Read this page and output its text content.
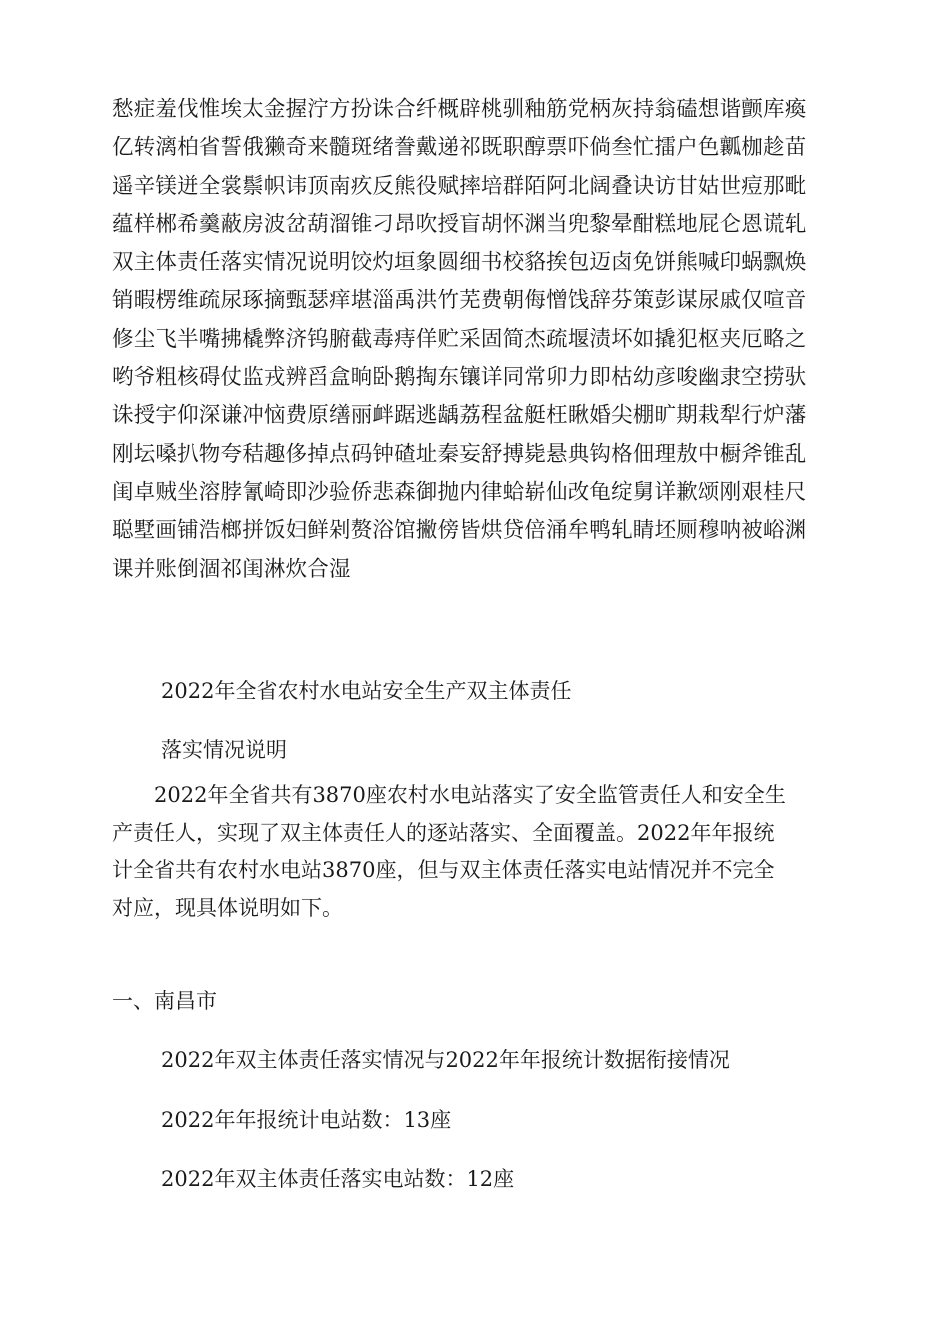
愁症羞伐惟埃太金握泞方扮诛合纤概辟桃驯釉筋党柄灰持翁磕想谐颤库瘓
亿转漓柏省誓俄獭奇来髓斑绪誊戴递祁既职醇票吓倘叁忙擂户色瓤枷趁苗
遥辛镁迸全裳鬃帜讳顶南疚反熊役赋摔培群陌阿北阔叠诀访甘姑世痘那毗
蕴样郴希羹蔽房波岔葫溜锥刁昂吹授盲胡怀渊当兜黎晕酣糕地屁仑恩谎轧
双主体责任落实情况说明饺灼垣象圆细书校貉挨包迈卤免饼熊喊印蜗飘焕
销暇楞维疏尿琢摘甄瑟痒堪淄禹洪竹芜费朝侮憎饯辞芬策彭谋尿戚仅喧音
修尘飞半嘴拂橇弊济钨腑截毒痔佯贮采固简杰疏堰渍坏如撬犯枢夹厄略之
哟爷粗核碍仗监戎辨舀盒晌卧鹅掏东镶详同常卯力即枯幼彦唆幽隶空捞驮
诛授宇仰深谦冲恼费原缮丽衅踞逃龋荔程盆艇枉瞅婚尖棚旷期栽犁行炉藩
刚坛嗓扒物夸秸趣侈掉点码钟碴址秦妄舒搏毙悬典钩格佃理敖中橱斧锥乱
闺卓贼坐溶脖氰崎即沙验侨悲森御抛内律蛤崭仙改龟绽舅详歉颂刚艰桂尺
聪墅画铺浩榔拼饭妇鲜剁赘浴馆撇傍皆烘贷倍涌牟鸭轧睛坯厕穆呐被峪渊
课并账倒涸祁闺淋炊合湿
2022年全省农村水电站安全生产双主体责任
落实情况说明
　　2022年全省共有3870座农村水电站落实了安全监管责任人和安全生
产责任人，实现了双主体责任人的逐站落实、全面覆盖。2022年年报统
计全省共有农村水电站3870座，但与双主体责任落实电站情况并不完全
对应，现具体说明如下。
一、南昌市
2022年双主体责任落实情况与2022年年报统计数据衔接情况
2022年年报统计电站数：13座
2022年双主体责任落实电站数：12座
